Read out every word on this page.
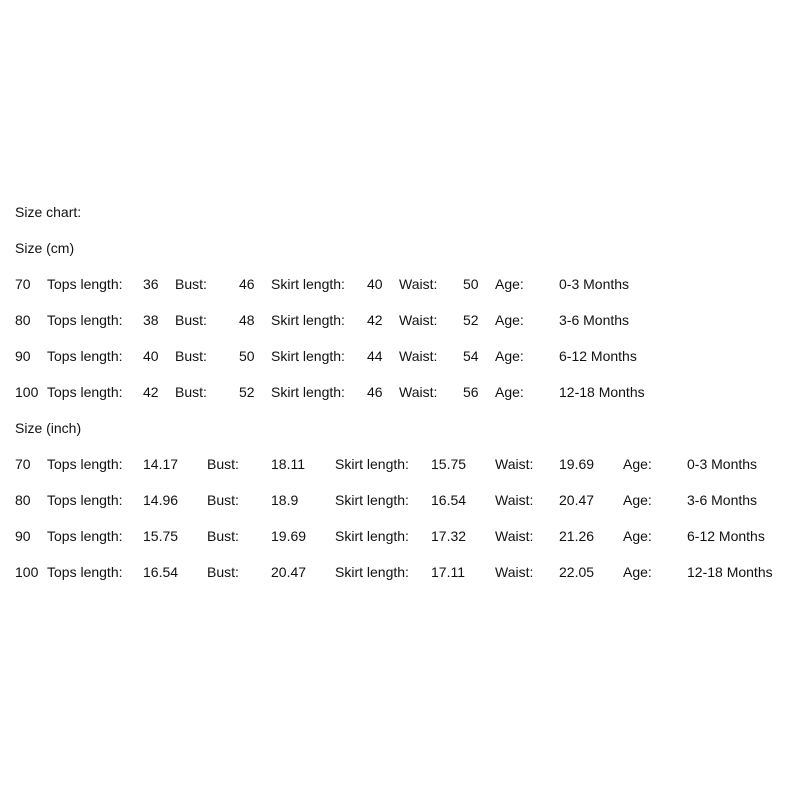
Size chart:
Size (cm)
70 Tops length: 36 Bust: 46 Skirt length: 40 Waist: 50 Age:	0-3 Months
80 Tops length: 38 Bust: 48 Skirt length: 42 Waist: 52 Age:	3-6 Months
90 Tops length: 40 Bust: 50 Skirt length: 44 Waist: 54 Age:	6-12 Months
100 Tops length: 42 Bust: 52 Skirt length: 46 Waist: 56 Age:	12-18 Months
Size (inch)
70 Tops length: 14.17 Bust: 18.11 Skirt length: 15.75 Waist: 19.69 Age:	0-3 Months
80 Tops length: 14.96 Bust: 18.9	Skirt length: 16.54 Waist: 20.47 Age:	3-6 Months
90 Tops length: 15.75 Bust: 19.69 Skirt length: 17.32 Waist: 21.26 Age:	6-12 Months
100 Tops length: 16.54 Bust: 20.47 Skirt length: 17.11 Waist: 22.05 Age:	12-18 Months
